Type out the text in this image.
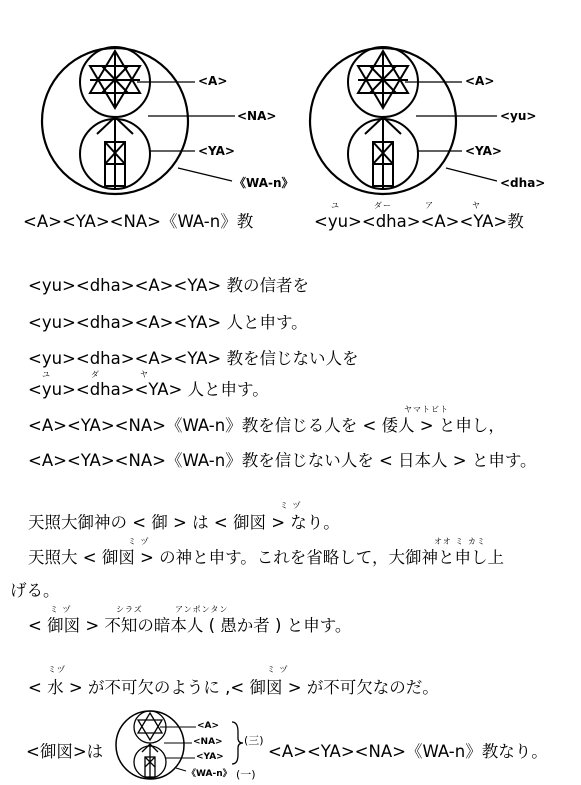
<A>
<NA>
<YA>
《WA-n》
<A><YA><NA>《WA-n》教
<A>
<yu>
<YA>
<dha>
ユ	ダー	ア	ヤ
<yu><dha><A><YA>教
<yu><dha><A><YA> 教の信者を
<yu><dha><A><YA> 人と申す。
<yu><dha><A><YA> 教を信じない人を
ユ	ダ	ヤ
<yu><dha><YA> 人と申す。
ヤマトビト
<A><YA><NA>《WA-n》教を信じる人を < 倭人 > と申し，
<A><YA><NA>《WA-n》教を信じない人を < 日本人 > と申す。
ミ ヅ
天照大御神の < 御 > は < 御図 > なり。
ミ ヅ	オオ ミ カミ
天照大 < 御図 > の神と申す。これを省略して，大御神と申し上
げる。
ミ ヅ	シラズ	アンポンタン
< 御図 > 不知の暗本人 ( 愚か者 ) と申す。
ミヅ	ミ ヅ
< 水 > が不可欠のように ,< 御図 > が不可欠なのだ。
<御図>は
<A>
<NA>
<YA>
《WA-n》
(三)
(一)
<A><YA><NA>《WA-n》教なり。
